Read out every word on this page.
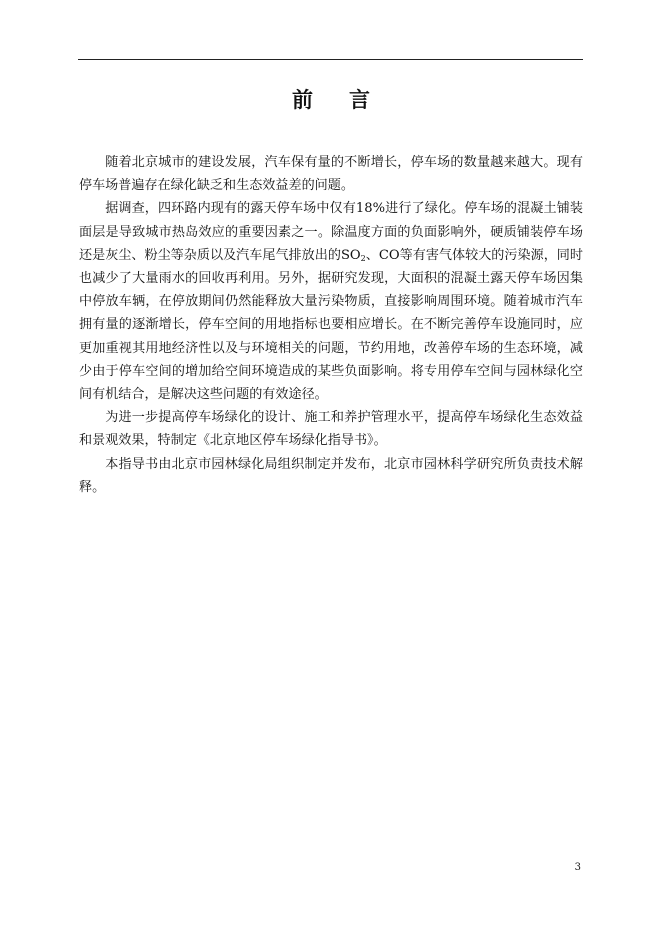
前言

随着北京城市的建设发展，汽车保有量的不断增长，停车场的数量越来越大。现有停车场普遍存在绿化缺乏和生态效益差的问题。

据调查，四环路内现有的露天停车场中仅有18%进行了绿化。停车场的混凝土铺装面层是导致城市热岛效应的重要因素之一。除温度方面的负面影响外，硬质铺装停车场还是灰尘、粉尘等杂质以及汽车尾气排放出的$SO_2$、CO等有害气体较大的污染源，同时也减少了大量雨水的回收再利用。另外，据研究发现，大面积的混凝土露天停车场因集中停放车辆，在停放期间仍然能释放大量污染物质，直接影响周围环境。随着城市汽车拥有量的逐渐增长，停车空间的用地指标也要相应增长。在不断完善停车设施同时，应更加重视其用地经济性以及与环境相关的问题，节约用地，改善停车场的生态环境，减少由于停车空间的增加给空间环境造成的某些负面影响。将专用停车空间与园林绿化空间有机结合，是解决这些问题的有效途径。

为进一步提高停车场绿化的设计、施工和养护管理水平，提高停车场绿化生态效益和景观效果，特制定《北京地区停车场绿化指导书》。

本指导书由北京市园林绿化局组织制定并发布，北京市园林科学研究所负责技术解释。

3
